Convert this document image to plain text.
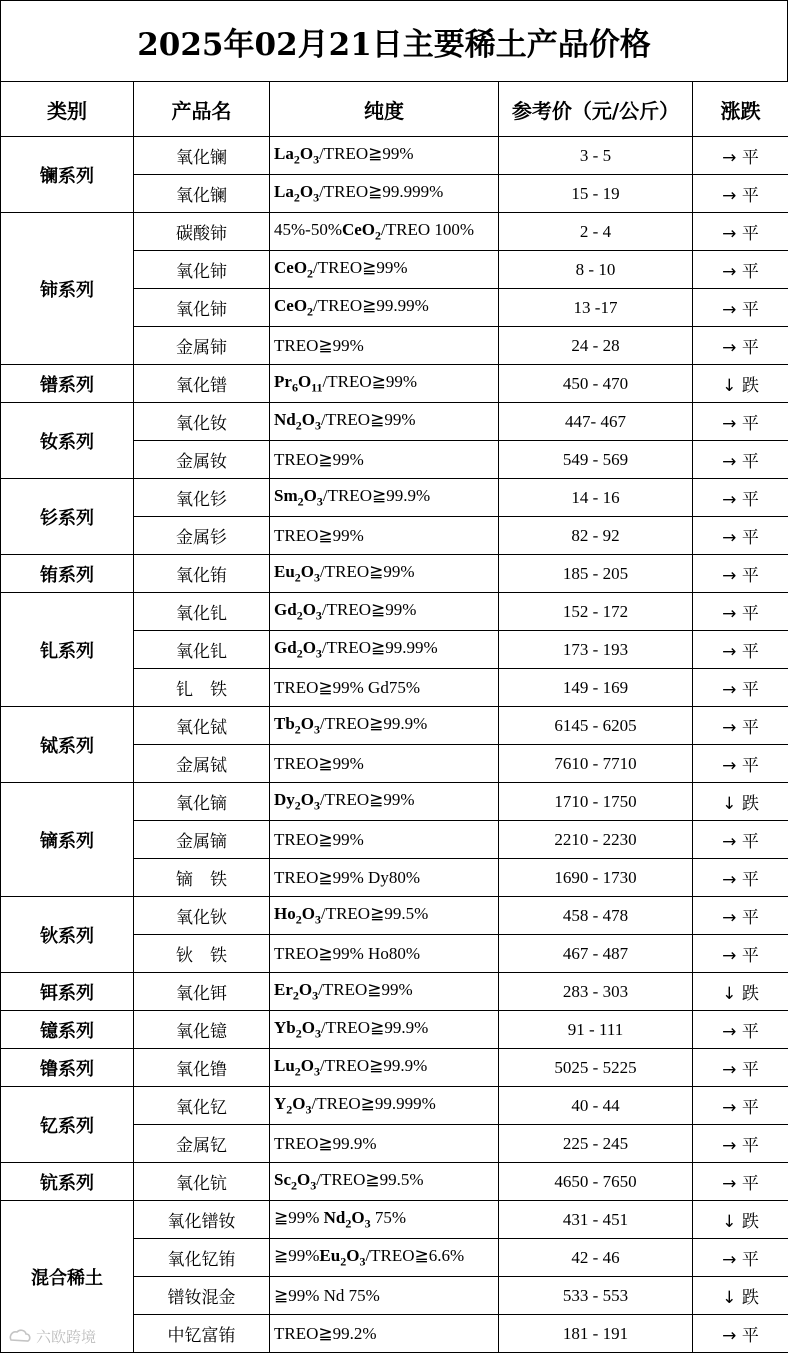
2025年02月21日主要稀土产品价格
类别	产品名	纯度	参考价（元/公斤）	涨跌
镧系列	氧化镧	$La_2O_3/TREO≧99\%$	3 - 5	→ 平
	氧化镧	$La_2O_3/TREO≧99.999\%$	15 - 19	→ 平
铈系列	碳酸铈	45%-50%CeO$_2$/TREO 100%	2 - 4	→ 平
	氧化铈	CeO$_2$/TREO≧99%	8 - 10	→ 平
	氧化铈	CeO$_2$/TREO≧99.99%	13 -17	→ 平
	金属铈	TREO≧99%	24 - 28	→ 平
镨系列	氧化镨	$Pr_6O_{11}/TREO≧99\%$	450 - 470	↓ 跌
钕系列	氧化钕	$Nd_2O_3/TREO≧99\%$	447- 467	→ 平
	金属钕	TREO≧99%	549 - 569	→ 平
钐系列	氧化钐	$Sm_2O_3/TREO≧99.9\%$	14 - 16	→ 平
	金属钐	TREO≧99%	82 - 92	→ 平
铕系列	氧化铕	$Eu_2O_3/TREO≧99\%$	185 - 205	→ 平
钆系列	氧化钆	$Gd_2O_3/TREO≧99\%$	152 - 172	→ 平
	氧化钆	$Gd_2O_3/TREO≧99.99\%$	173 - 193	→ 平
	钆　铁	TREO≧99% Gd75%	149 - 169	→ 平
铽系列	氧化铽	$Tb_2O_3/TREO≧99.9\%$	6145 - 6205	→ 平
	金属铽	TREO≧99%	7610 - 7710	→ 平
镝系列	氧化镝	$Dy_2O_3/TREO≧99\%$	1710 - 1750	↓ 跌
	金属镝	TREO≧99%	2210 - 2230	→ 平
	镝　铁	TREO≧99% Dy80%	1690 - 1730	→ 平
钬系列	氧化钬	$Ho_2O_3/TREO≧99.5\%$	458 - 478	→ 平
	钬　铁	TREO≧99% Ho80%	467 - 487	→ 平
铒系列	氧化铒	$Er_2O_3/TREO≧99\%$	283 - 303	↓ 跌
镱系列	氧化镱	$Yb_2O_3/TREO≧99.9\%$	91 - 111	→ 平
镥系列	氧化镥	$Lu_2O_3/TREO≧99.9\%$	5025 - 5225	→ 平
钇系列	氧化钇	$Y_2O_3/TREO≧99.999\%$	40 - 44	→ 平
	金属钇	TREO≧99.9%	225 - 245	→ 平
钪系列	氧化钪	$Sc_2O_3/TREO≧99.5\%$	4650 - 7650	→ 平
混合稀土	氧化镨钕	≧99% $Nd_2O_3$ 75%	431 - 451	↓ 跌
	氧化钇铕	$≧99\%Eu_2O_3/TREO≧6.6\%$	42 - 46	→ 平
	镨钕混金	≧99% Nd 75%	533 - 553	↓ 跌
	中钇富铕	TREO≧99.2%	181 - 191	→ 平
六欧跨境
